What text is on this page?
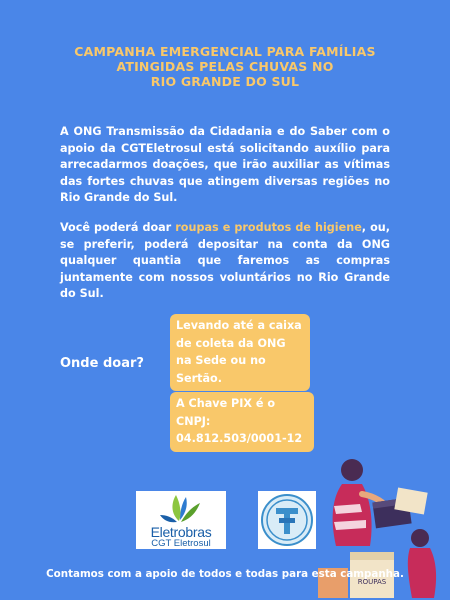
CAMPANHA EMERGENCIAL PARA FAMÍLIAS
ATINGIDAS PELAS CHUVAS NO
RIO GRANDE DO SUL
A ONG Transmissão da Cidadania e do Saber com o apoio da CGTEletrosul está solicitando auxílio para arrecadarmos doações, que irão auxiliar as vítimas das fortes chuvas que atingem diversas regiões no Rio Grande do Sul.
Você poderá doar roupas e produtos de higiene, ou, se preferir, poderá depositar na conta da ONG qualquer quantia que faremos as compras juntamente com nossos voluntários no Rio Grande do Sul.
Onde doar?
Levando até a caixa de coleta da ONG na Sede ou no Sertão.
A Chave PIX é o CNPJ: 04.812.503/0001-12
Eletrobras
CGT Eletrosul
ROUPAS
Contamos com a apoio de todos e todas para esta campanha.
